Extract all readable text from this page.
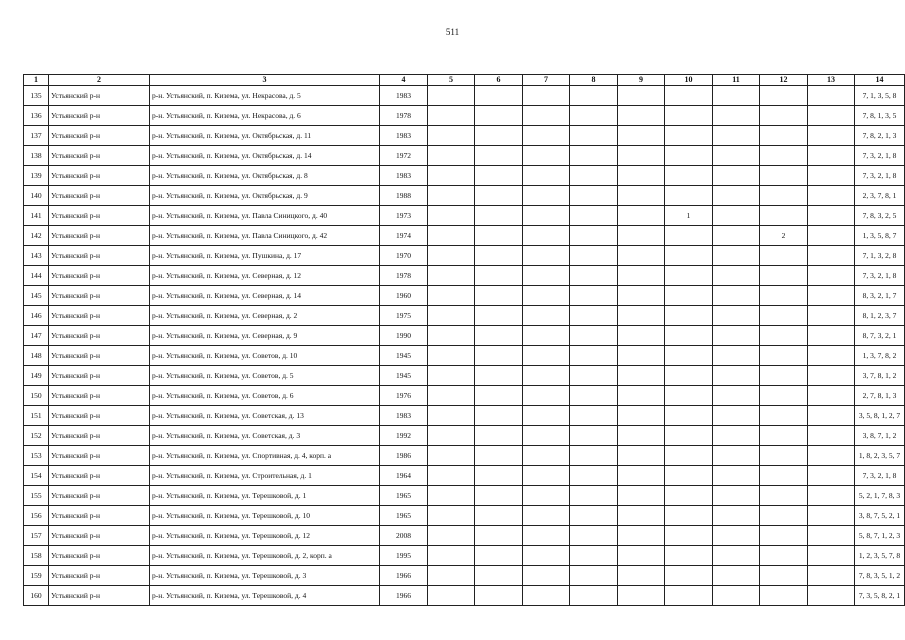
511
1	2	3	4	5	6	7	8	9	10	11	12	13	14
135	Устьянский р-н	р-н. Устьянский, п. Кизема, ул. Некрасова, д. 5	1983										7, 1, 3, 5, 8
136	Устьянский р-н	р-н. Устьянский, п. Кизема, ул. Некрасова, д. 6	1978										7, 8, 1, 3, 5
137	Устьянский р-н	р-н. Устьянский, п. Кизема, ул. Октябрьская, д. 11	1983										7, 8, 2, 1, 3
138	Устьянский р-н	р-н. Устьянский, п. Кизема, ул. Октябрьская, д. 14	1972										7, 3, 2, 1, 8
139	Устьянский р-н	р-н. Устьянский, п. Кизема, ул. Октябрьская, д. 8	1983										7, 3, 2, 1, 8
140	Устьянский р-н	р-н. Устьянский, п. Кизема, ул. Октябрьская, д. 9	1988										2, 3, 7, 8, 1
141	Устьянский р-н	р-н. Устьянский, п. Кизема, ул. Павла Синицкого, д. 40	1973						1				7, 8, 3, 2, 5
142	Устьянский р-н	р-н. Устьянский, п. Кизема, ул. Павла Синицкого, д. 42	1974								2		1, 3, 5, 8, 7
143	Устьянский р-н	р-н. Устьянский, п. Кизема, ул. Пушкина, д. 17	1970										7, 1, 3, 2, 8
144	Устьянский р-н	р-н. Устьянский, п. Кизема, ул. Северная, д. 12	1978										7, 3, 2, 1, 8
145	Устьянский р-н	р-н. Устьянский, п. Кизема, ул. Северная, д. 14	1960										8, 3, 2, 1, 7
146	Устьянский р-н	р-н. Устьянский, п. Кизема, ул. Северная, д. 2	1975										8, 1, 2, 3, 7
147	Устьянский р-н	р-н. Устьянский, п. Кизема, ул. Северная, д. 9	1990										8, 7, 3, 2, 1
148	Устьянский р-н	р-н. Устьянский, п. Кизема, ул. Советов, д. 10	1945										1, 3, 7, 8, 2
149	Устьянский р-н	р-н. Устьянский, п. Кизема, ул. Советов, д. 5	1945										3, 7, 8, 1, 2
150	Устьянский р-н	р-н. Устьянский, п. Кизема, ул. Советов, д. 6	1976										2, 7, 8, 1, 3
151	Устьянский р-н	р-н. Устьянский, п. Кизема, ул. Советская, д. 13	1983										3, 5, 8, 1, 2, 7
152	Устьянский р-н	р-н. Устьянский, п. Кизема, ул. Советская, д. 3	1992										3, 8, 7, 1, 2
153	Устьянский р-н	р-н. Устьянский, п. Кизема, ул. Спортивная, д. 4, корп. а	1986										1, 8, 2, 3, 5, 7
154	Устьянский р-н	р-н. Устьянский, п. Кизема, ул. Строительная, д. 1	1964										7, 3, 2, 1, 8
155	Устьянский р-н	р-н. Устьянский, п. Кизема, ул. Терешковой, д. 1	1965										5, 2, 1, 7, 8, 3
156	Устьянский р-н	р-н. Устьянский, п. Кизема, ул. Терешковой, д. 10	1965										3, 8, 7, 5, 2, 1
157	Устьянский р-н	р-н. Устьянский, п. Кизема, ул. Терешковой, д. 12	2008										5, 8, 7, 1, 2, 3
158	Устьянский р-н	р-н. Устьянский, п. Кизема, ул. Терешковой, д. 2, корп. а	1995										1, 2, 3, 5, 7, 8
159	Устьянский р-н	р-н. Устьянский, п. Кизема, ул. Терешковой, д. 3	1966										7, 8, 3, 5, 1, 2
160	Устьянский р-н	р-н. Устьянский, п. Кизема, ул. Терешковой, д. 4	1966										7, 3, 5, 8, 2, 1
